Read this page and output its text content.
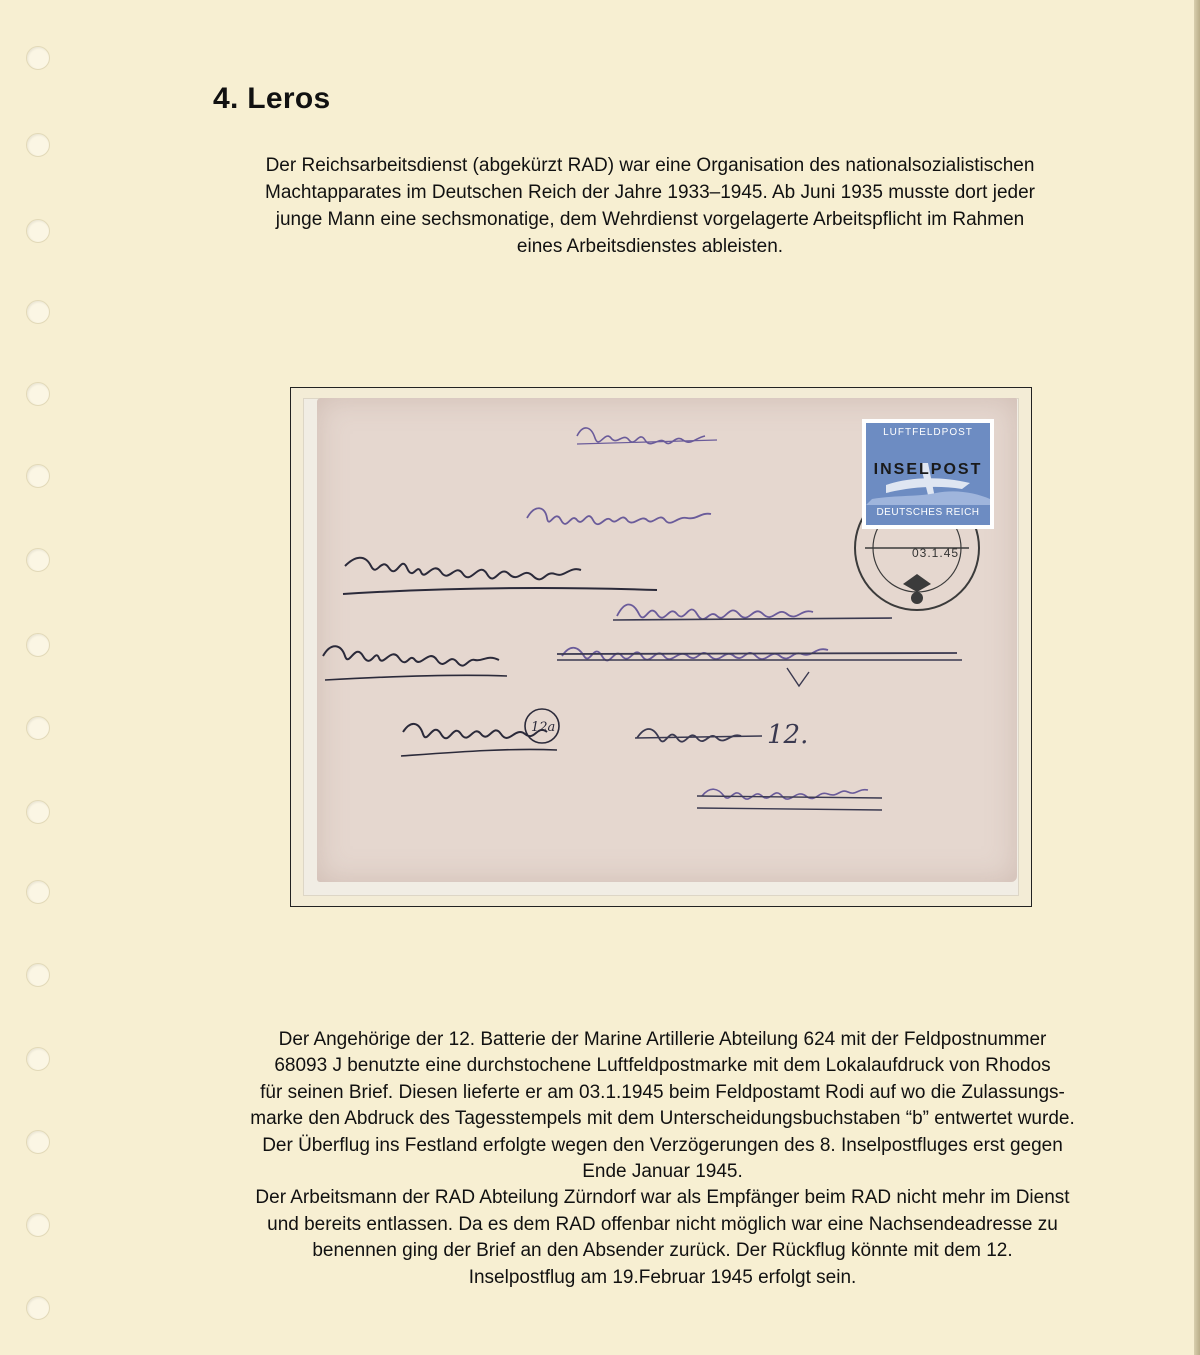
4. Leros

Der Reichsarbeitsdienst (abgekürzt RAD) war eine Organisation des nationalsozialistischen

Machtapparates im Deutschen Reich der Jahre 1933–1945. Ab Juni 1935 musste dort jeder

junge Mann eine sechsmonatige, dem Wehrdienst vorgelagerte Arbeitspflicht im Rahmen

eines Arbeitsdienstes ableisten.

12a	12.
LUFTFELDPOST
INSELPOST
DEUTSCHES REICH
03.1.45

Der Angehörige der 12. Batterie der Marine Artillerie Abteilung 624 mit der Feldpostnummer

68093 J benutzte eine durchstochene Luftfeldpostmarke mit dem Lokalaufdruck von Rhodos

für seinen Brief. Diesen lieferte er am 03.1.1945 beim Feldpostamt Rodi auf wo die Zulassungs-

marke den Abdruck des Tagesstempels mit dem Unterscheidungsbuchstaben “b” entwertet wurde.

Der Überflug ins Festland erfolgte wegen den Verzögerungen des 8. Inselpostfluges erst gegen

Ende Januar 1945.

Der Arbeitsmann der RAD Abteilung Zürndorf war als Empfänger beim RAD nicht mehr im Dienst

und bereits entlassen. Da es dem RAD offenbar nicht möglich war eine Nachsendeadresse zu

benennen ging der Brief an den Absender zurück. Der Rückflug könnte mit dem 12.

Inselpostflug am 19.Februar 1945 erfolgt sein.
